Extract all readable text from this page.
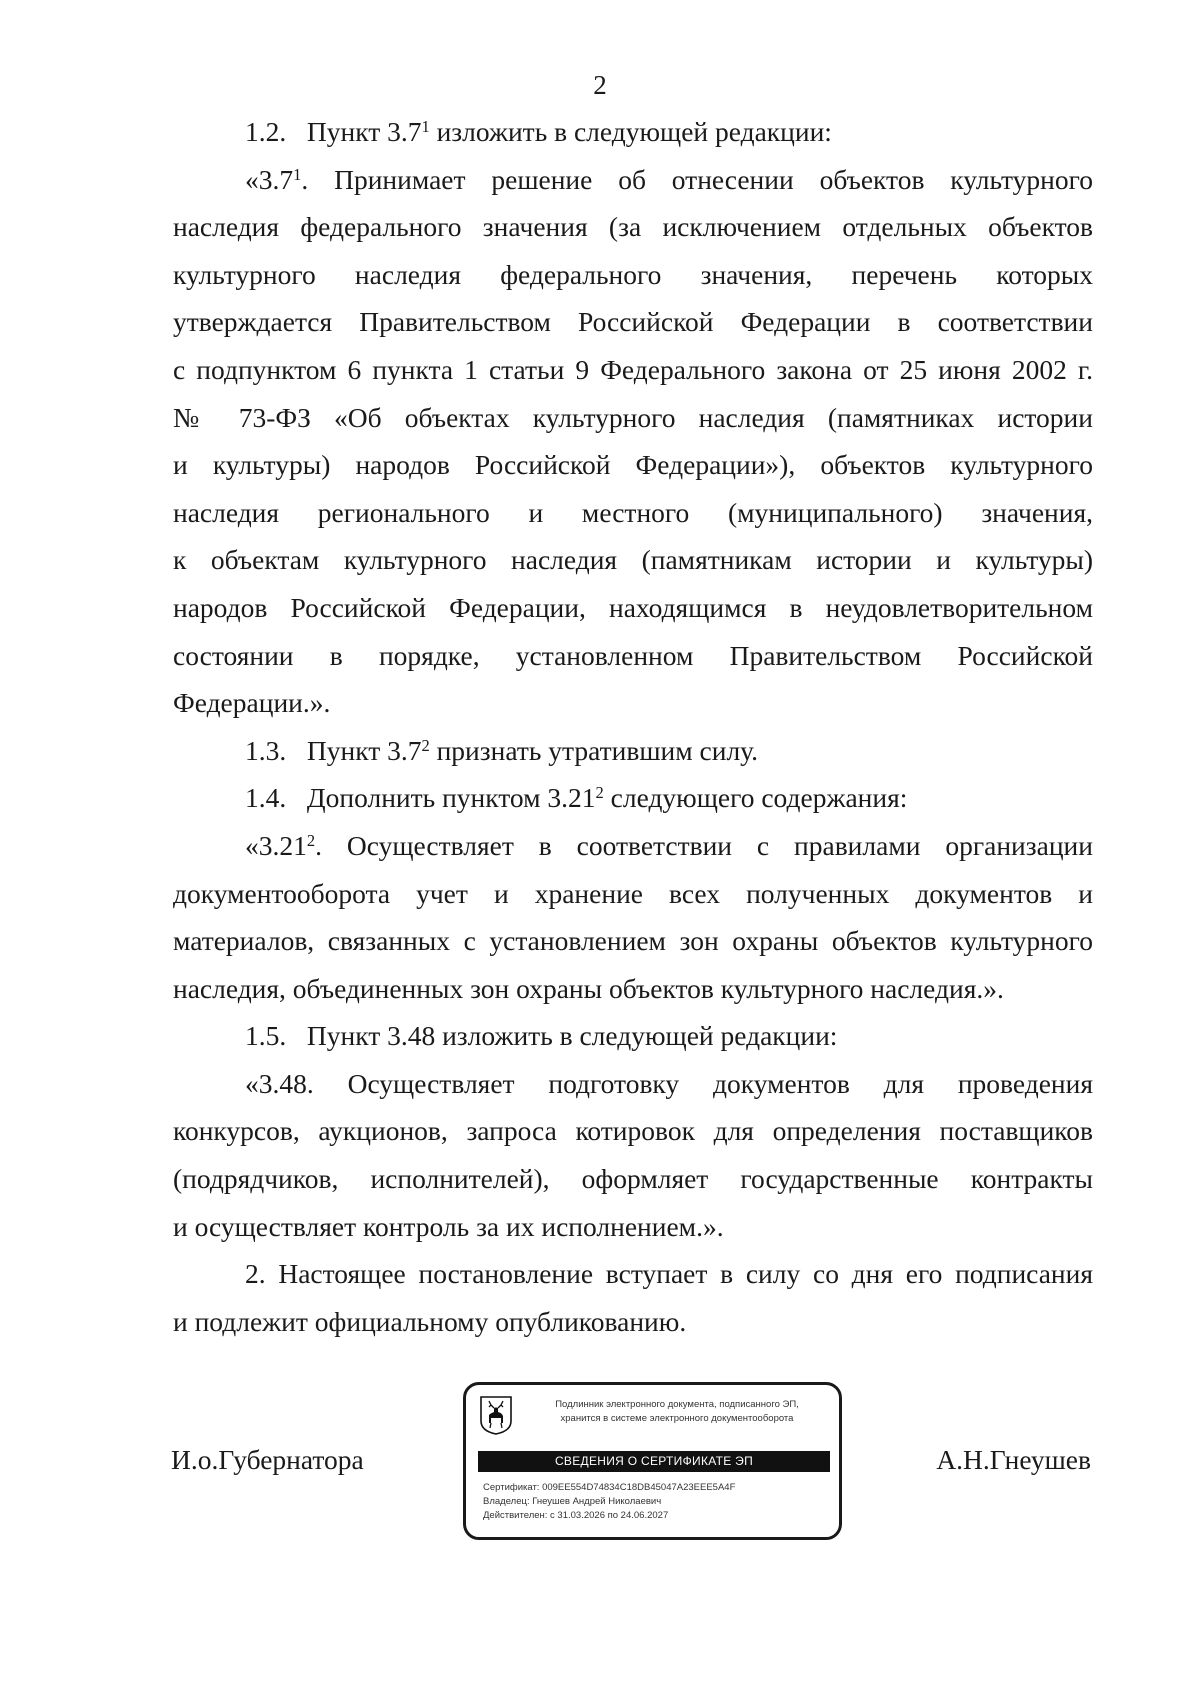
2

1.2. Пункт $3.7^1$ изложить в следующей редакции:

«$3.7^1$. Принимает решение об отнесении объектов культурного
наследия федерального значения (за исключением отдельных объектов
культурного наследия федерального значения, перечень которых
утверждается Правительством Российской Федерации в соответствии
с подпунктом 6 пункта 1 статьи 9 Федерального закона от 25 июня 2002 г.
№ 73-ФЗ «Об объектах культурного наследия (памятниках истории
и культуры) народов Российской Федерации»), объектов культурного
наследия регионального и местного (муниципального) значения,
к объектам культурного наследия (памятникам истории и культуры)
народов Российской Федерации, находящимся в неудовлетворительном
состоянии в порядке, установленном Правительством Российской
Федерации.».

1.3. Пункт $3.7^2$ признать утратившим силу.

1.4. Дополнить пунктом 3.21$^2$ следующего содержания:

«3.21$^2$. Осуществляет в соответствии с правилами организации
документооборота учет и хранение всех полученных документов и
материалов, связанных с установлением зон охраны объектов культурного
наследия, объединенных зон охраны объектов культурного наследия.».

1.5.   Пункт 3.48 изложить в следующей редакции:

«3.48. Осуществляет подготовку документов для проведения
конкурсов, аукционов, запроса котировок для определения поставщиков
(подрядчиков, исполнителей), оформляет государственные контракты
и осуществляет контроль за их исполнением.».

2. Настоящее постановление вступает в силу со дня его подписания
и подлежит официальному опубликованию.

И.о.Губернатора	А.Н.Гнеушев
Подлинник электронного документа, подписанного ЭП,
хранится в системе электронного документооборота
СВЕДЕНИЯ О СЕРТИФИКАТЕ ЭП
Сертификат: 009EE554D74834C18DB45047A23EEE5A4F
Владелец: Гнеушев Андрей Николаевич
Действителен: с 31.03.2026 по 24.06.2027
